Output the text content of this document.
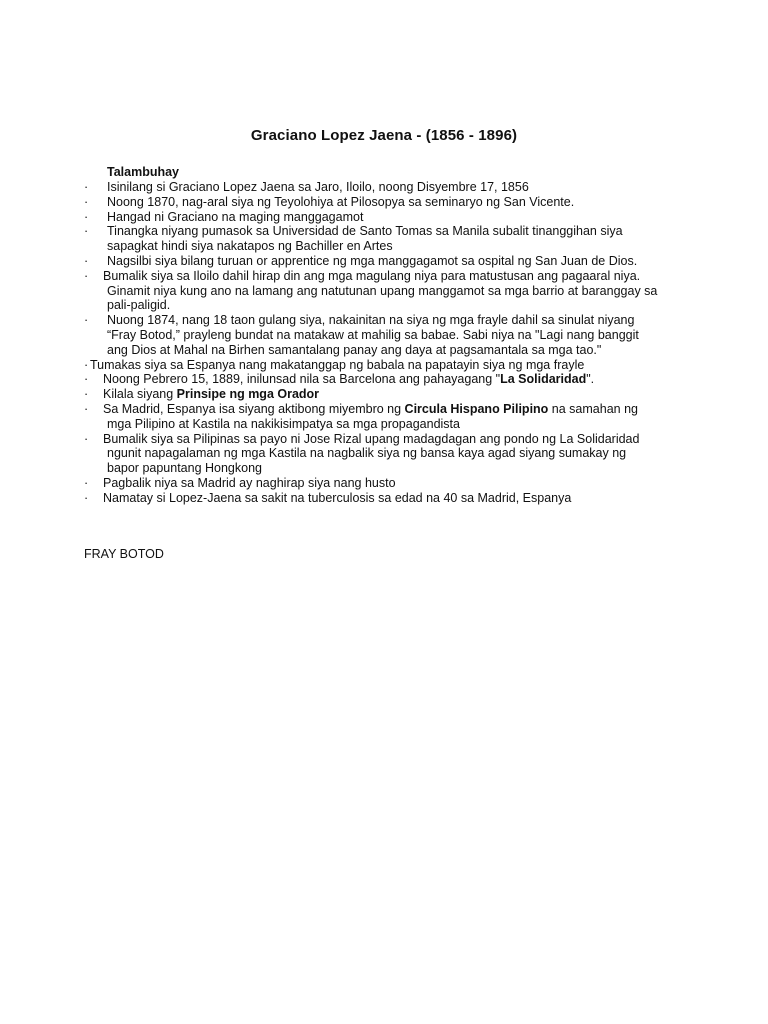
Graciano Lopez Jaena - (1856 - 1896)
Talambuhay
·	Isinilang si Graciano Lopez Jaena sa Jaro, Iloilo, noong Disyembre 17, 1856
·	Noong 1870, nag-aral siya ng Teyolohiya at Pilosopya sa seminaryo ng San Vicente.
·	Hangad ni Graciano na maging manggagamot
·	Tinangka niyang pumasok sa Universidad de Santo Tomas sa Manila subalit tinanggihan siya
sapagkat hindi siya nakatapos ng Bachiller en Artes
·	Nagsilbi siya bilang turuan or apprentice ng mga manggagamot sa ospital ng San Juan de Dios.
·	Bumalik siya sa Iloilo dahil hirap din ang mga magulang niya para matustusan ang pagaaral niya.
Ginamit niya kung ano na lamang ang natutunan upang manggamot sa mga barrio at baranggay sa
pali-paligid.
·	Nuong 1874, nang 18 taon gulang siya, nakainitan na siya ng mga frayle dahil sa sinulat niyang
“Fray Botod,” prayleng bundat na matakaw at mahilig sa babae. Sabi niya na "Lagi nang banggit
ang Dios at Mahal na Birhen samantalang panay ang daya at pagsamantala sa mga tao."
· Tumakas siya sa Espanya nang makatanggap ng babala na papatayin siya ng mga frayle
·	Noong Pebrero 15, 1889, inilunsad nila sa Barcelona ang pahayagang "La Solidaridad".
·	Kilala siyang Prinsipe ng mga Orador
·	Sa Madrid, Espanya isa siyang aktibong miyembro ng Circula Hispano Pilipino na samahan ng
mga Pilipino at Kastila na nakikisimpatya sa mga propagandista
·	Bumalik siya sa Pilipinas sa payo ni Jose Rizal upang madagdagan ang pondo ng La Solidaridad
ngunit napagalaman ng mga Kastila na nagbalik siya ng bansa kaya agad siyang sumakay ng
bapor papuntang Hongkong
·	Pagbalik niya sa Madrid ay naghirap siya nang husto
·	Namatay si Lopez-Jaena sa sakit na tuberculosis sa edad na 40 sa Madrid, Espanya
FRAY BOTOD
